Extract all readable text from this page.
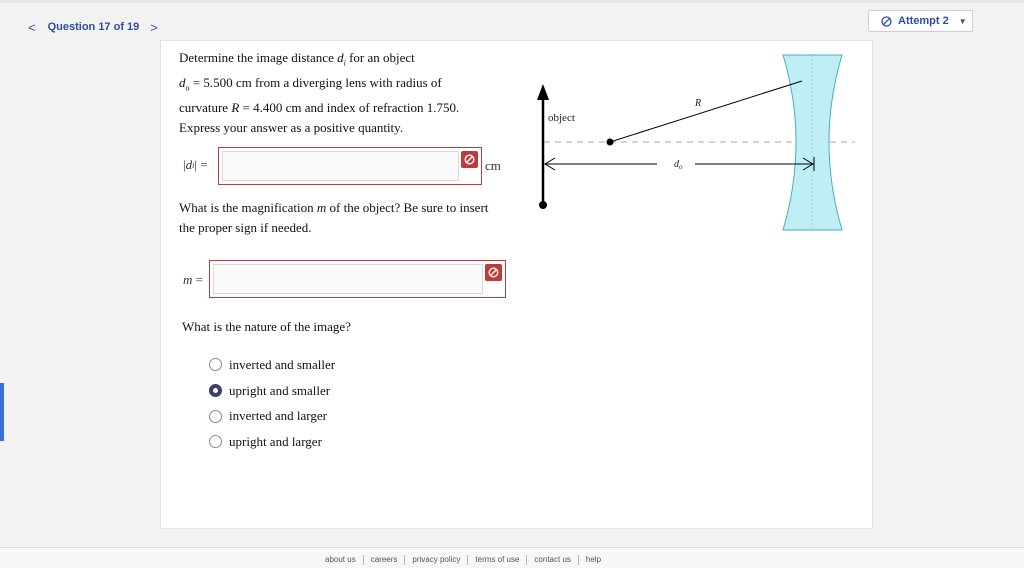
< Question 17 of 19 >	Attempt 2 ▼
Determine the image distance $d_i$ for an object
$d_o = 5.500$ cm from a diverging lens with radius of
curvature R = 4.400 cm and index of refraction 1.750.
Express your answer as a positive quantity.
| d i | =	cm
What is the magnification m of the object? Be sure to insert
the proper sign if needed.
m =
What is the nature of the image?
inverted and smaller
upright and smaller
inverted and larger
upright and larger
object
R
$d_o$
about us	careers	privacy policy	terms of use	contact us	help
